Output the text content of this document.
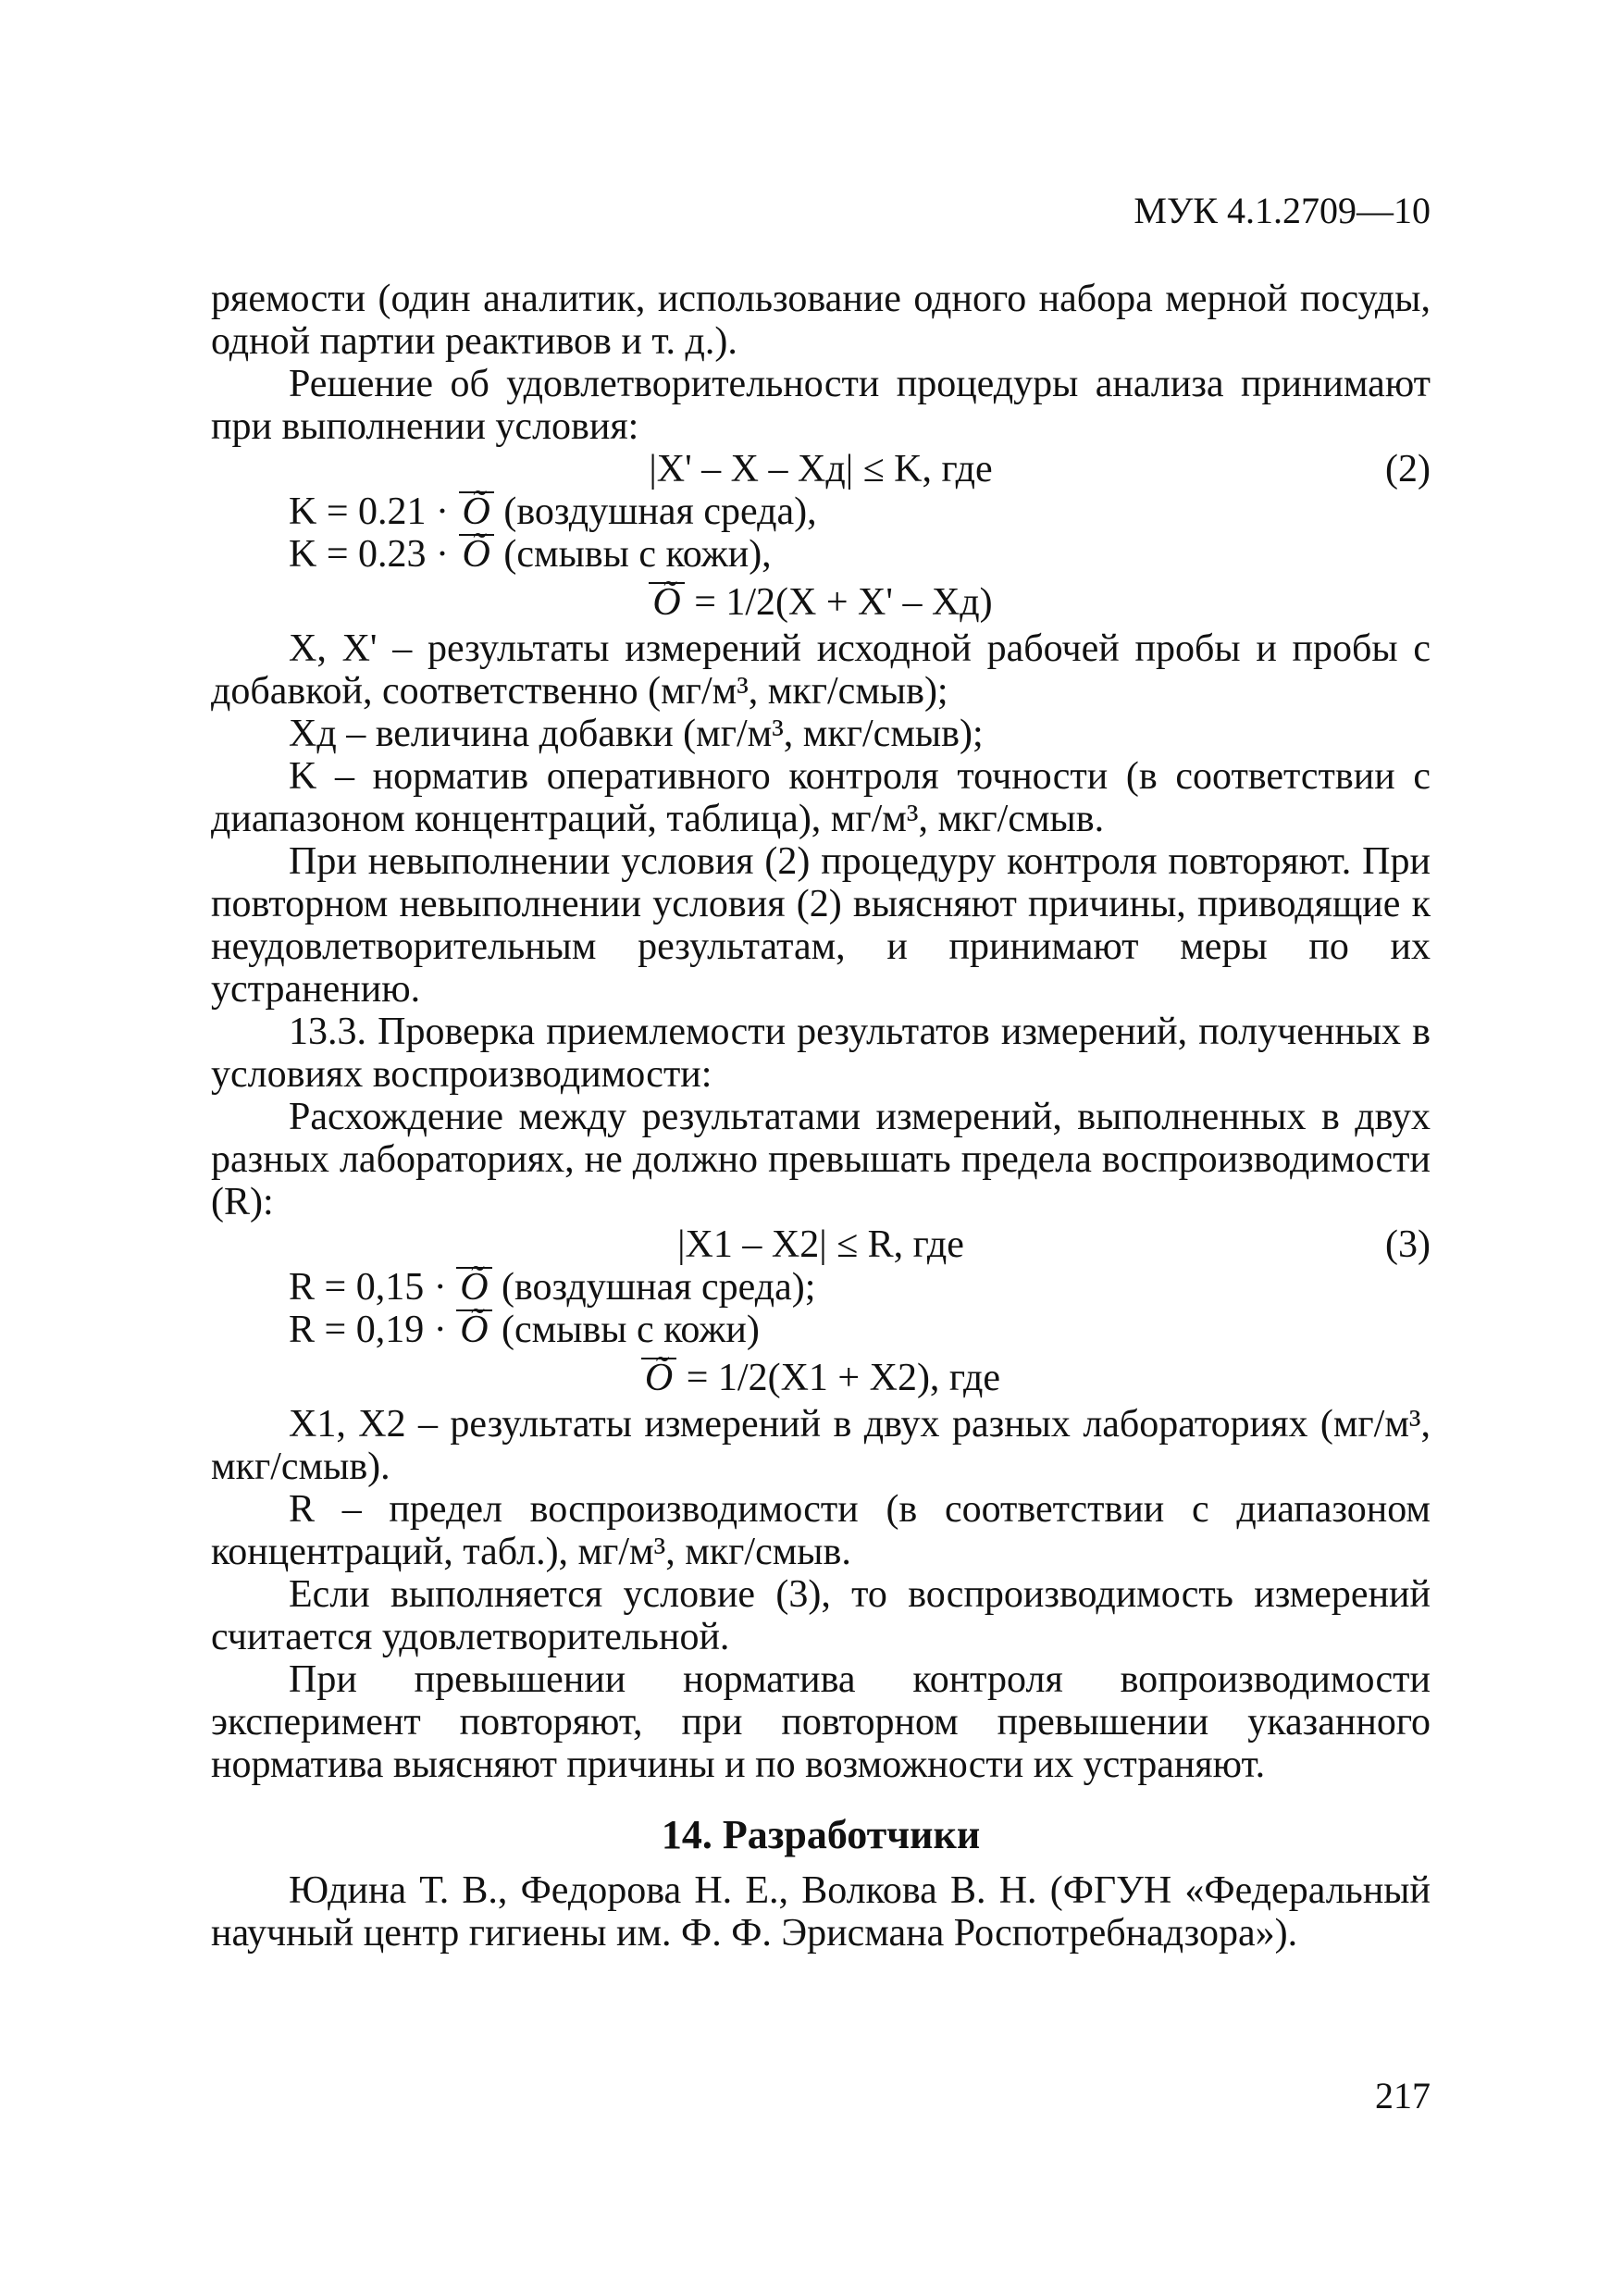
МУК 4.1.2709—10

ряемости (один аналитик, использование одного набора мерной посуды, одной партии реактивов и т. д.).

Решение об удовлетворительности процедуры анализа принимают при выполнении условия:

|X' – X – Xд| ≤ K, где	(2)
K = 0.21 · Õ (воздушная среда),
K = 0.23 · Õ (смывы с кожи),
Õ = 1/2(X + X' – Xд)

X, X' – результаты измерений исходной рабочей пробы и пробы с добавкой, соответственно (мг/м³, мкг/смыв);

Xд – величина добавки (мг/м³, мкг/смыв);

K – норматив оперативного контроля точности (в соответствии с диапазоном концентраций, таблица), мг/м³, мкг/смыв.

При невыполнении условия (2) процедуру контроля повторяют. При повторном невыполнении условия (2) выясняют причины, приводящие к неудовлетворительным результатам, и принимают меры по их устранению.

13.3. Проверка приемлемости результатов измерений, полученных в условиях воспроизводимости:

Расхождение между результатами измерений, выполненных в двух разных лабораториях, не должно превышать предела воспроизводимости (R):

|X1 – X2| ≤ R, где	(3)
R = 0,15 · Õ (воздушная среда);
R = 0,19 · Õ (смывы с кожи)
Õ = 1/2(X1 + X2), где

X1, X2 – результаты измерений в двух разных лабораториях (мг/м³, мкг/смыв).

R – предел воспроизводимости (в соответствии с диапазоном концентраций, табл.), мг/м³, мкг/смыв.

Если выполняется условие (3), то воспроизводимость измерений считается удовлетворительной.

При превышении норматива контроля вопроизводимости эксперимент повторяют, при повторном превышении указанного норматива выясняют причины и по возможности их устраняют.

14. Разработчики

Юдина Т. В., Федорова Н. Е., Волкова В. Н. (ФГУН «Федеральный научный центр гигиены им. Ф. Ф. Эрисмана Роспотребнадзора»).

217
